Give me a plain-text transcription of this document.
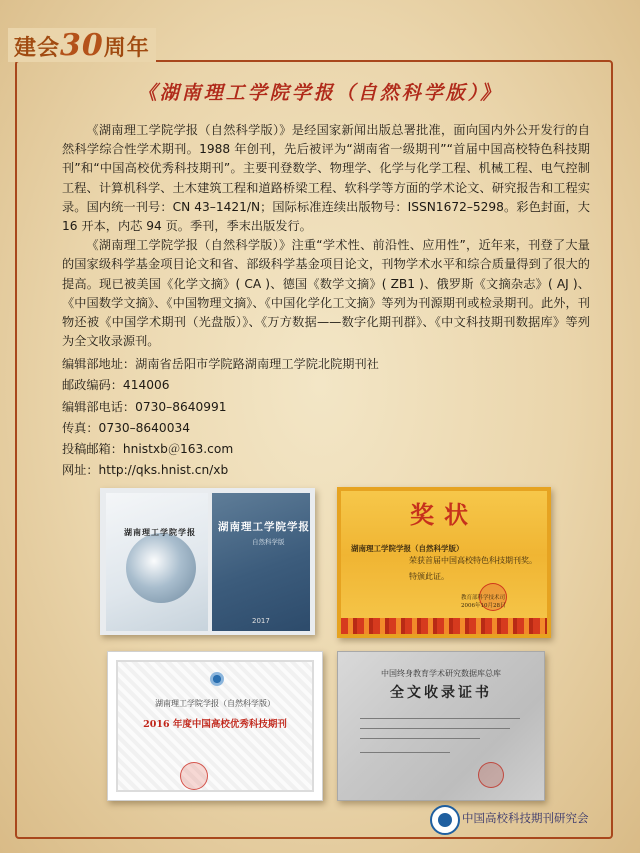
建会30周年
《湖南理工学院学报（自然科学版）》

《湖南理工学院学报（自然科学版）》是经国家新闻出版总署批准，面向国内外公开发行的自然科学综合性学术期刊。1988 年创刊，先后被评为“湖南省一级期刊”“首届中国高校特色科技期刊”和“中国高校优秀科技期刊”。主要刊登数学、物理学、化学与化学工程、机械工程、电气控制工程、计算机科学、土木建筑工程和道路桥梁工程、软科学等方面的学术论文、研究报告和工程实录。国内统一刊号：CN 43–1421/N；国际标准连续出版物号：ISSN1672–5298。彩色封面，大 16 开本，内芯 94 页。季刊，季末出版发行。

《湖南理工学院学报（自然科学版）》注重“学术性、前沿性、应用性”，近年来，刊登了大量的国家级科学基金项目论文和省、部级科学基金项目论文，刊物学术水平和综合质量得到了很大的提高。现已被美国《化学文摘》( CA )、德国《数学文摘》( ZB1 )、俄罗斯《文摘杂志》( AJ )、《中国数学文摘》、《中国物理文摘》、《中国化学化工文摘》等列为刊源期刊或检录期刊。此外，刊物还被《中国学术期刊（光盘版）》、《万方数据——数字化期刊群》、《中文科技期刊数据库》等列为全文收录源刊。

编辑部地址：湖南省岳阳市学院路湖南理工学院北院期刊社
邮政编码：414006
编辑部电话：0730–8640991
传真：0730–8640034
投稿邮箱：hnistxb＠163.com
网址：http://qks.hnist.cn/xb
湖南理工学院学报 湖南理工学院学报
自然科学版
2017
奖状
湖南理工学院学报（自然科学版）
荣获首届中国高校特色科技期刊奖。
特颁此证。
教育部科学技术司
2006年10月28日
湖南理工学院学报（自然科学版）
2016 年度中国高校优秀科技期刊
中国终身教育学术研究数据库总库
全文收录证书
中国高校科技期刊研究会
